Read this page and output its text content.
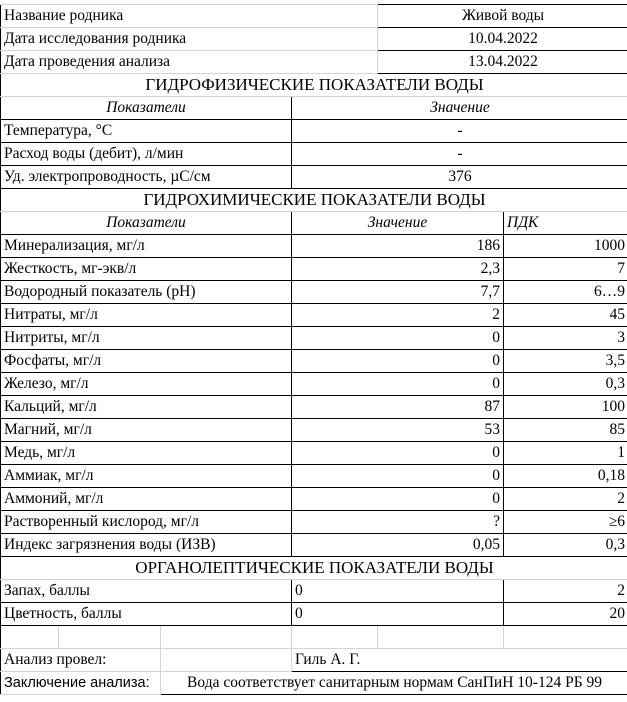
Название родника				Живой воды	
Дата исследования родника				10.04.2022	
Дата проведения анализа				13.04.2022	
ГИДРОФИЗИЧЕСКИЕ ПОКАЗАТЕЛИ ВОДЫ					
Показатели			Значение		
Температура, °С			-		
Расход воды (дебит), л/мин			-		
Уд. электропроводность, µС/см			376		
ГИДРОХИМИЧЕСКИЕ ПОКАЗАТЕЛИ ВОДЫ					
Показатели			Значение		ПДК
Минерализация, мг/л			186		1000
Жесткость, мг-экв/л			2,3		7
Водородный показатель (pH)			7,7		6…9
Нитраты, мг/л			2		45
Нитриты, мг/л			0		3
Фосфаты, мг/л			0		3,5
Железо, мг/л			0		0,3
Кальций, мг/л			87		100
Магний, мг/л			53		85
Медь, мг/л			0		1
Аммиак, мг/л			0		0,18
Аммоний, мг/л			0		2
Растворенный кислород, мг/л			?		≥6
Индекс загрязнения воды (ИЗВ)			0,05		0,3
ОРГАНОЛЕПТИЧЕСКИЕ ПОКАЗАТЕЛИ ВОДЫ					
Запах, баллы			0		2
Цветность, баллы			0		20

Анализ провел:			Гиль А. Г.		
Заключение анализа:		Вода соответствует санитарным нормам СанПиН 10-124 РБ 99			
